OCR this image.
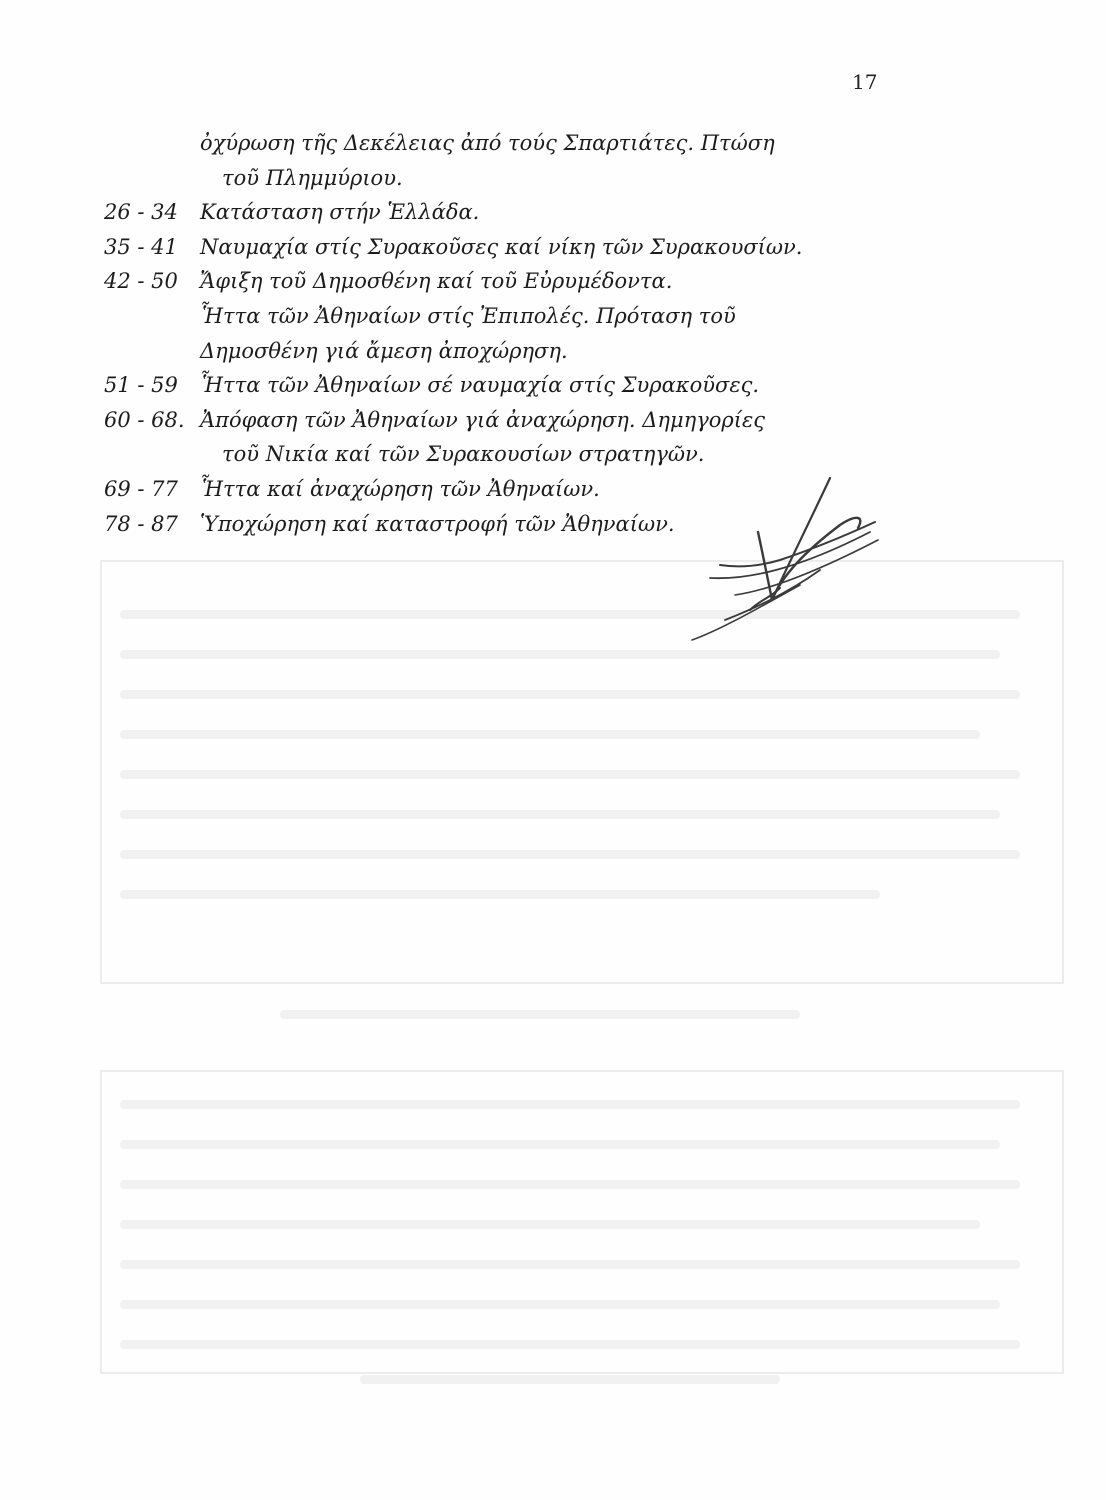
17
ὀχύρωση τῆς Δεκέλειας ἀπό τούς Σπαρτιάτες. Πτώση
τοῦ Πλημμύριου.
26 - 34 Κατάσταση στήν Ἑλλάδα.
35 - 41 Ναυμαχία στίς Συρακοῦσες καί νίκη τῶν Συρακουσίων.
42 - 50 Ἄφιξη τοῦ Δημοσθένη καί τοῦ Εὐρυμέδοντα.
Ἧττα τῶν Ἀθηναίων στίς Ἐπιπολές. Πρόταση τοῦ
Δημοσθένη γιά ἄμεση ἀποχώρηση.
51 - 59 Ἧττα τῶν Ἀθηναίων σέ ναυμαχία στίς Συρακοῦσες.
60 - 68. Ἀπόφαση τῶν Ἀθηναίων γιά ἀναχώρηση. Δημηγορίες
τοῦ Νικία καί τῶν Συρακουσίων στρατηγῶν.
69 - 77 Ἧττα καί ἀναχώρηση τῶν Ἀθηναίων.
78 - 87 Ὑποχώρηση καί καταστροφή τῶν Ἀθηναίων.
